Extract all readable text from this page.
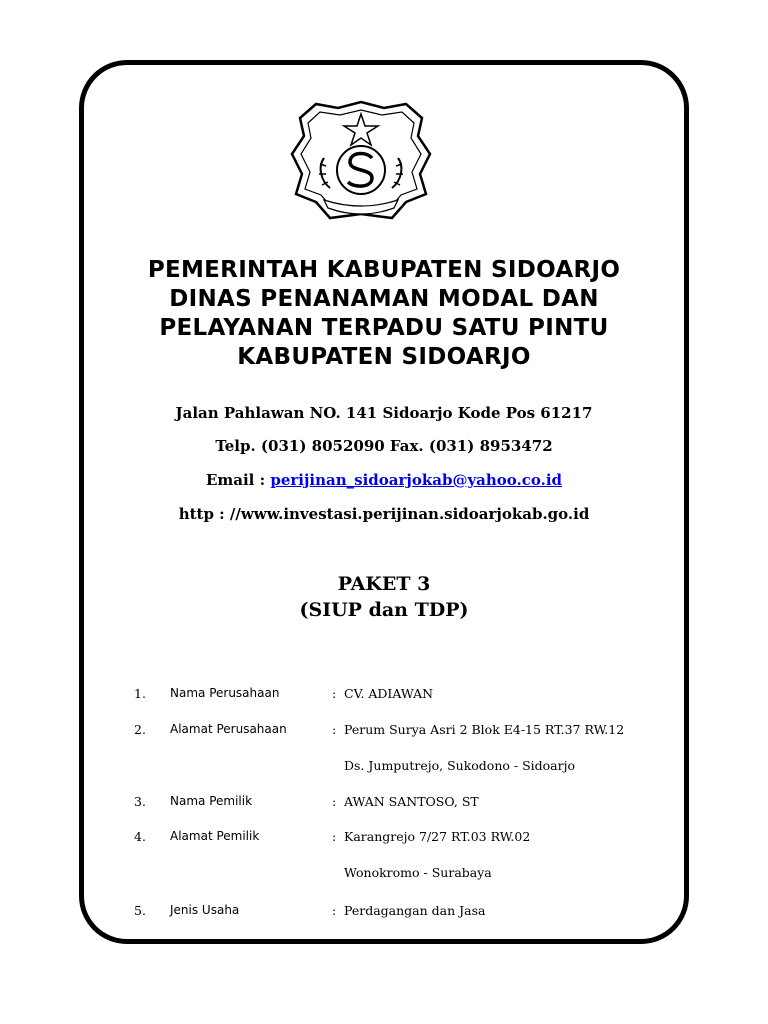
PEMERINTAH KABUPATEN SIDOARJO
DINAS PENANAMAN MODAL DAN
PELAYANAN TERPADU SATU PINTU
KABUPATEN SIDOARJO
Jalan Pahlawan NO. 141 Sidoarjo Kode Pos 61217
Telp. (031) 8052090 Fax. (031) 8953472
Email : perijinan_sidoarjokab@yahoo.co.id
http : //www.investasi.perijinan.sidoarjokab.go.id
PAKET 3
(SIUP dan TDP)
1. Nama Perusahaan	: CV. ADIAWAN
2. Alamat Perusahaan	: Perum Surya Asri 2 Blok E4-15 RT.37 RW.12
Ds. Jumputrejo, Sukodono - Sidoarjo
3. Nama Pemilik	: AWAN SANTOSO, ST
4. Alamat Pemilik	: Karangrejo 7/27 RT.03 RW.02
Wonokromo - Surabaya
5. Jenis Usaha	: Perdagangan dan Jasa
